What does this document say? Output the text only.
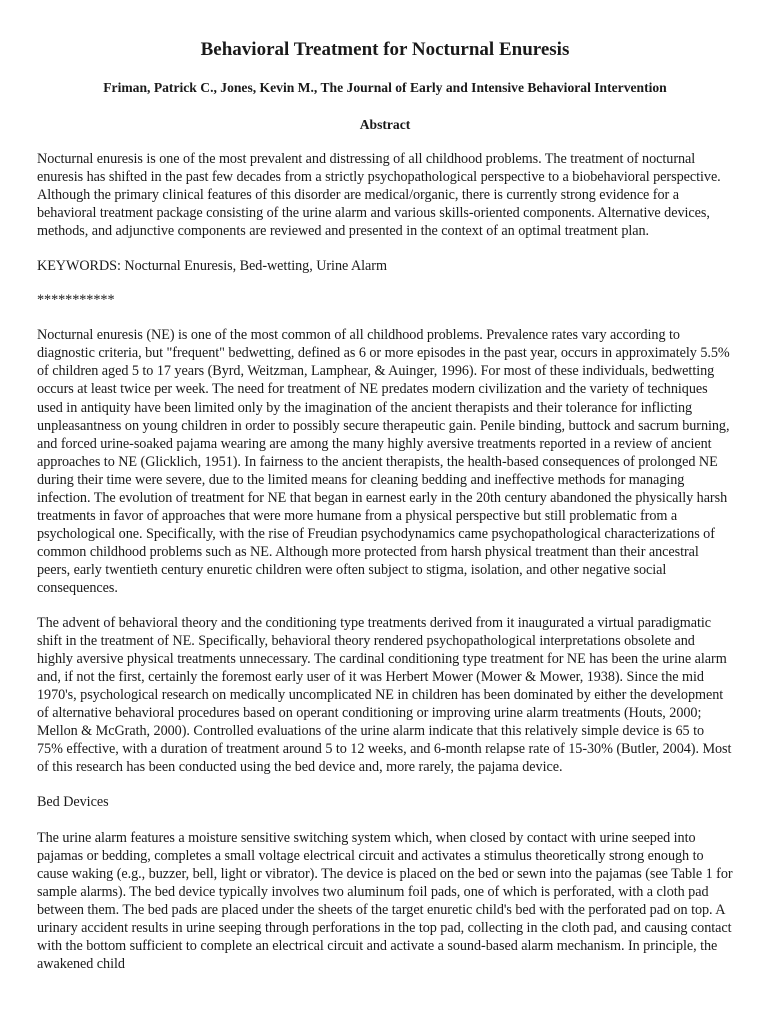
Behavioral Treatment for Nocturnal Enuresis
Friman, Patrick C., Jones, Kevin M., The Journal of Early and Intensive Behavioral Intervention
Abstract

Nocturnal enuresis is one of the most prevalent and distressing of all childhood problems. The treatment of nocturnal enuresis has shifted in the past few decades from a strictly psychopathological perspective to a biobehavioral perspective. Although the primary clinical features of this disorder are medical/organic, there is currently strong evidence for a behavioral treatment package consisting of the urine alarm and various skills-oriented components. Alternative devices, methods, and adjunctive components are reviewed and presented in the context of an optimal treatment plan.

KEYWORDS: Nocturnal Enuresis, Bed-wetting, Urine Alarm

***********

Nocturnal enuresis (NE) is one of the most common of all childhood problems. Prevalence rates vary according to diagnostic criteria, but "frequent" bedwetting, defined as 6 or more episodes in the past year, occurs in approximately 5.5% of children aged 5 to 17 years (Byrd, Weitzman, Lamphear, & Auinger, 1996). For most of these individuals, bedwetting occurs at least twice per week. The need for treatment of NE predates modern civilization and the variety of techniques used in antiquity have been limited only by the imagination of the ancient therapists and their tolerance for inflicting unpleasantness on young children in order to possibly secure therapeutic gain. Penile binding, buttock and sacrum burning, and forced urine-soaked pajama wearing are among the many highly aversive treatments reported in a review of ancient approaches to NE (Glicklich, 1951). In fairness to the ancient therapists, the health-based consequences of prolonged NE during their time were severe, due to the limited means for cleaning bedding and ineffective methods for managing infection. The evolution of treatment for NE that began in earnest early in the 20th century abandoned the physically harsh treatments in favor of approaches that were more humane from a physical perspective but still problematic from a psychological one. Specifically, with the rise of Freudian psychodynamics came psychopathological characterizations of common childhood problems such as NE. Although more protected from harsh physical treatment than their ancestral peers, early twentieth century enuretic children were often subject to stigma, isolation, and other negative social consequences.

The advent of behavioral theory and the conditioning type treatments derived from it inaugurated a virtual paradigmatic shift in the treatment of NE. Specifically, behavioral theory rendered psychopathological interpretations obsolete and highly aversive physical treatments unnecessary. The cardinal conditioning type treatment for NE has been the urine alarm and, if not the first, certainly the foremost early user of it was Herbert Mower (Mower & Mower, 1938). Since the mid 1970's, psychological research on medically uncomplicated NE in children has been dominated by either the development of alternative behavioral procedures based on operant conditioning or improving urine alarm treatments (Houts, 2000; Mellon & McGrath, 2000). Controlled evaluations of the urine alarm indicate that this relatively simple device is 65 to 75% effective, with a duration of treatment around 5 to 12 weeks, and 6-month relapse rate of 15-30% (Butler, 2004). Most of this research has been conducted using the bed device and, more rarely, the pajama device.

Bed Devices

The urine alarm features a moisture sensitive switching system which, when closed by contact with urine seeped into pajamas or bedding, completes a small voltage electrical circuit and activates a stimulus theoretically strong enough to cause waking (e.g., buzzer, bell, light or vibrator). The device is placed on the bed or sewn into the pajamas (see Table 1 for sample alarms). The bed device typically involves two aluminum foil pads, one of which is perforated, with a cloth pad between them. The bed pads are placed under the sheets of the target enuretic child's bed with the perforated pad on top. A urinary accident results in urine seeping through perforations in the top pad, collecting in the cloth pad, and causing contact with the bottom sufficient to complete an electrical circuit and activate a sound-based alarm mechanism. In principle, the awakened child
